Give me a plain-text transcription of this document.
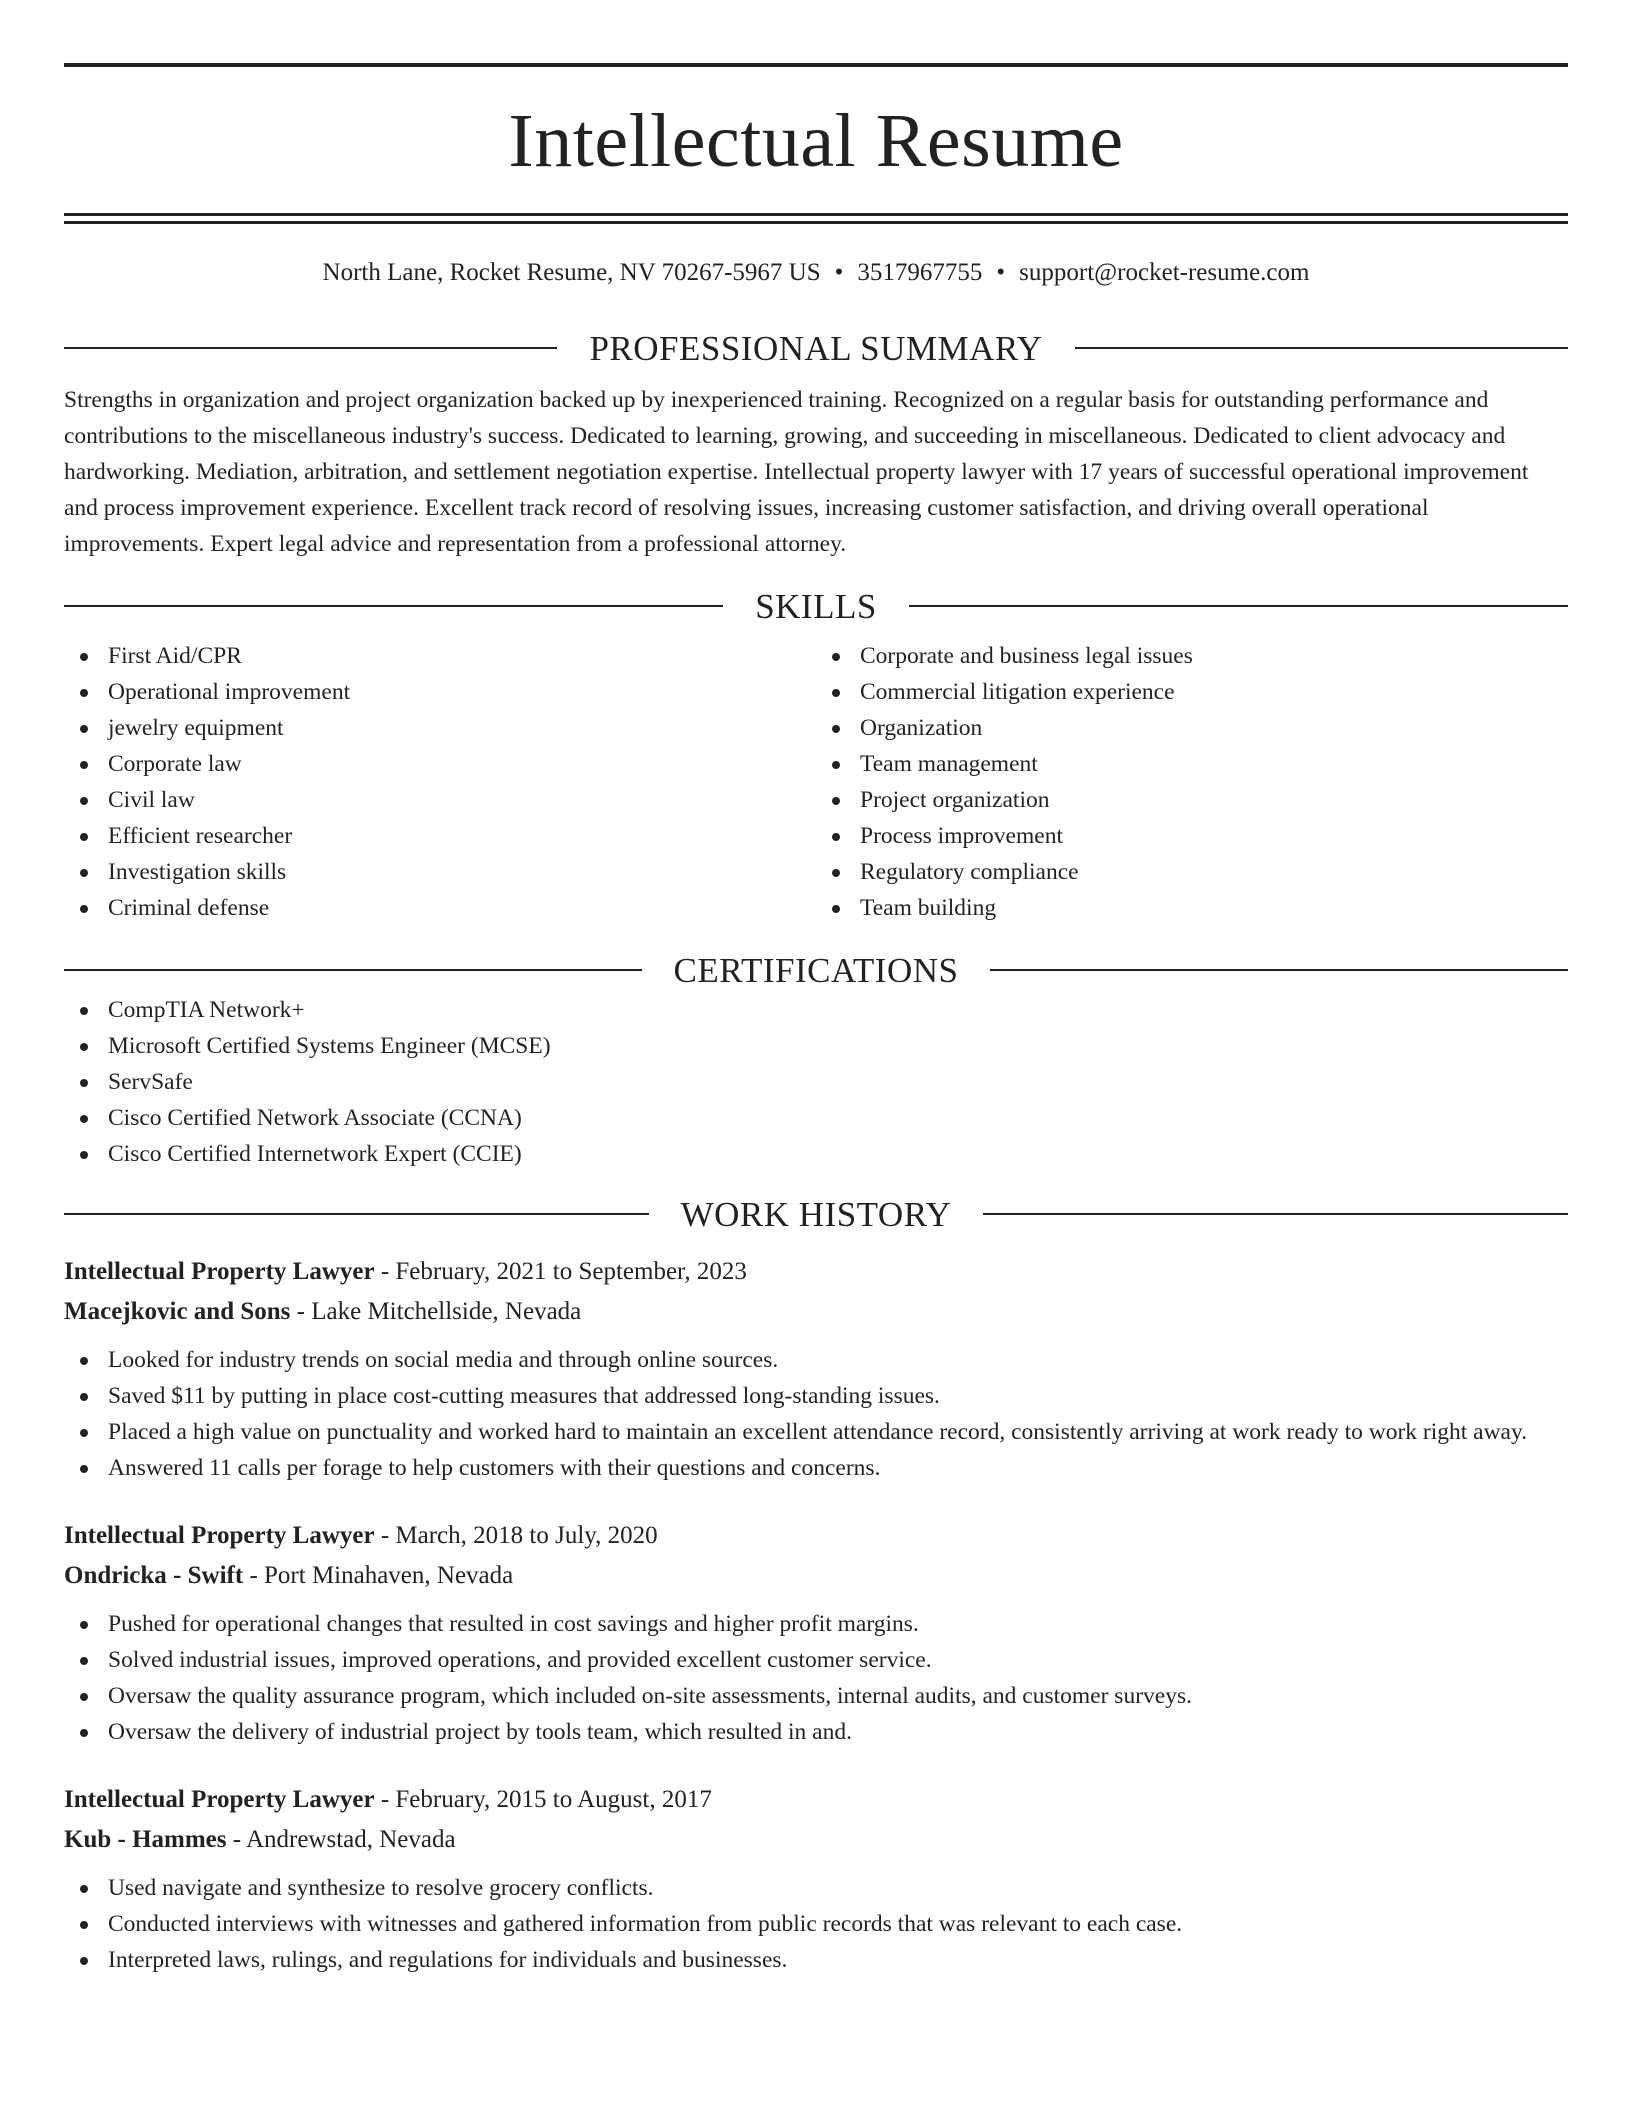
Intellectual Resume
North Lane, Rocket Resume, NV 70267-5967 US • 3517967755 • support@rocket-resume.com
PROFESSIONAL SUMMARY
Strengths in organization and project organization backed up by inexperienced training. Recognized on a regular basis for outstanding performance and contributions to the miscellaneous industry's success. Dedicated to learning, growing, and succeeding in miscellaneous. Dedicated to client advocacy and hardworking. Mediation, arbitration, and settlement negotiation expertise. Intellectual property lawyer with 17 years of successful operational improvement and process improvement experience. Excellent track record of resolving issues, increasing customer satisfaction, and driving overall operational improvements. Expert legal advice and representation from a professional attorney.
SKILLS
First Aid/CPR
Operational improvement
jewelry equipment
Corporate law
Civil law
Efficient researcher
Investigation skills
Criminal defense
Corporate and business legal issues
Commercial litigation experience
Organization
Team management
Project organization
Process improvement
Regulatory compliance
Team building
CERTIFICATIONS
CompTIA Network+
Microsoft Certified Systems Engineer (MCSE)
ServSafe
Cisco Certified Network Associate (CCNA)
Cisco Certified Internetwork Expert (CCIE)
WORK HISTORY
Intellectual Property Lawyer - February, 2021 to September, 2023
Macejkovic and Sons - Lake Mitchellside, Nevada
Looked for industry trends on social media and through online sources.
Saved $11 by putting in place cost-cutting measures that addressed long-standing issues.
Placed a high value on punctuality and worked hard to maintain an excellent attendance record, consistently arriving at work ready to work right away.
Answered 11 calls per forage to help customers with their questions and concerns.
Intellectual Property Lawyer - March, 2018 to July, 2020
Ondricka - Swift - Port Minahaven, Nevada
Pushed for operational changes that resulted in cost savings and higher profit margins.
Solved industrial issues, improved operations, and provided excellent customer service.
Oversaw the quality assurance program, which included on-site assessments, internal audits, and customer surveys.
Oversaw the delivery of industrial project by tools team, which resulted in and.
Intellectual Property Lawyer - February, 2015 to August, 2017
Kub - Hammes - Andrewstad, Nevada
Used navigate and synthesize to resolve grocery conflicts.
Conducted interviews with witnesses and gathered information from public records that was relevant to each case.
Interpreted laws, rulings, and regulations for individuals and businesses.
